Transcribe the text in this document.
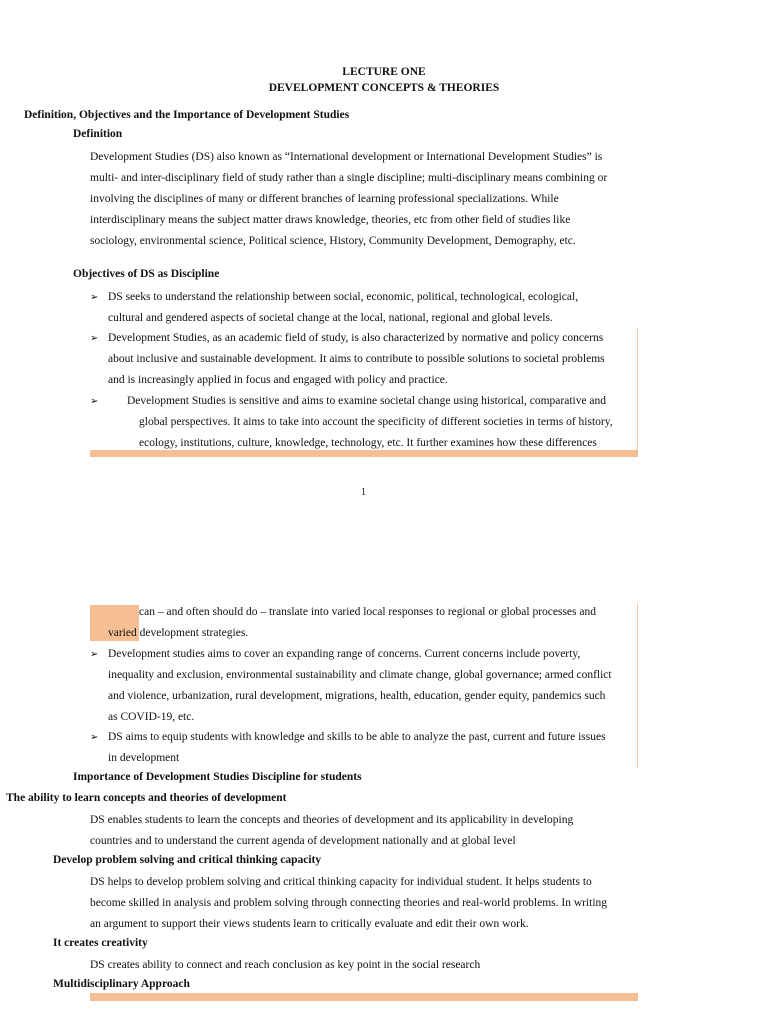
LECTURE ONE
DEVELOPMENT CONCEPTS & THEORIES
Definition, Objectives and the Importance of Development Studies
Definition
Development Studies (DS) also known as “International development or International Development Studies” is
multi- and inter-disciplinary field of study rather than a single discipline; multi-disciplinary means combining or
involving the disciplines of many or different branches of learning professional specializations. While
interdisciplinary means the subject matter draws knowledge, theories, etc from other field of studies like
sociology, environmental science, Political science, History, Community Development, Demography, etc.
Objectives of DS as Discipline
➢ DS seeks to understand the relationship between social, economic, political, technological, ecological,
cultural and gendered aspects of societal change at the local, national, regional and global levels.
➢ Development Studies, as an academic field of study, is also characterized by normative and policy concerns
about inclusive and sustainable development. It aims to contribute to possible solutions to societal problems
and is increasingly applied in focus and engaged with policy and practice.
➢	Development Studies is sensitive and aims to examine societal change using historical, comparative and
global perspectives. It aims to take into account the specificity of different societies in terms of history,
ecology, institutions, culture, knowledge, technology, etc. It further examines how these differences
1
can – and often should do – translate into varied local responses to regional or global processes and
varied development strategies.
➢ Development studies aims to cover an expanding range of concerns. Current concerns include poverty,
inequality and exclusion, environmental sustainability and climate change, global governance; armed conflict
and violence, urbanization, rural development, migrations, health, education, gender equity, pandemics such
as COVID-19, etc.
➢ DS aims to equip students with knowledge and skills to be able to analyze the past, current and future issues
in development
Importance of Development Studies Discipline for students
The ability to learn concepts and theories of development
DS enables students to learn the concepts and theories of development and its applicability in developing
countries and to understand the current agenda of development nationally and at global level
Develop problem solving and critical thinking capacity
DS helps to develop problem solving and critical thinking capacity for individual student. It helps students to
become skilled in analysis and problem solving through connecting theories and real-world problems. In writing
an argument to support their views students learn to critically evaluate and edit their own work.
It creates creativity
DS creates ability to connect and reach conclusion as key point in the social research
Multidisciplinary Approach
